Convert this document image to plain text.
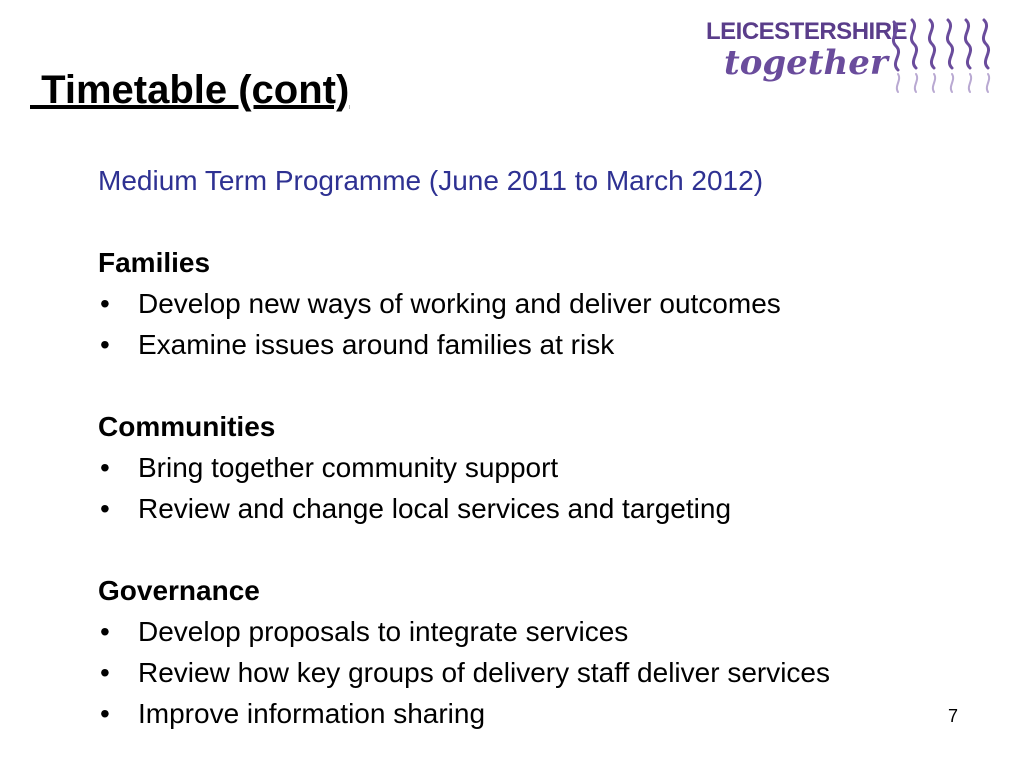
Timetable (cont)
LEICESTERSHIRE
together
Medium Term Programme (June 2011 to March 2012)
Families
• Develop new ways of working and deliver outcomes
• Examine issues around families at risk
Communities
• Bring together community support
• Review and change local services and targeting
Governance
• Develop proposals to integrate services
• Review how key groups of delivery staff deliver services
• Improve information sharing	7
